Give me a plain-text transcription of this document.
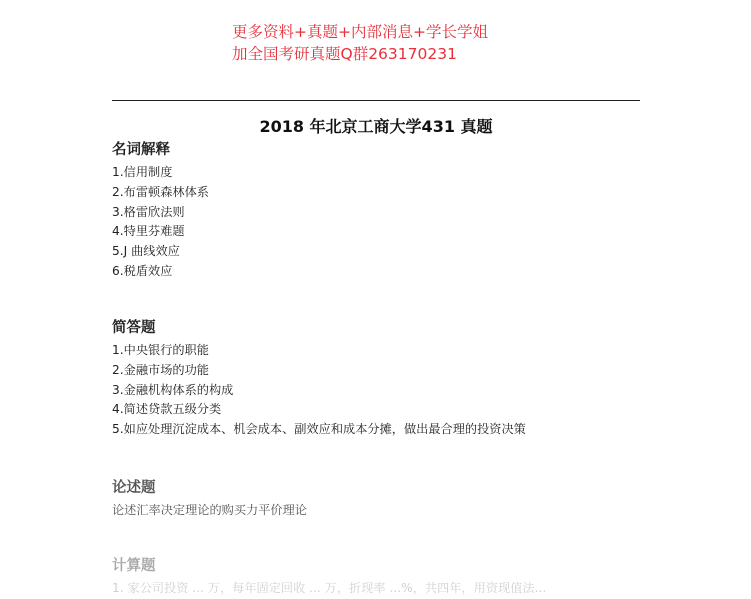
更多资料+真题+内部消息+学长学姐
加全国考研真题Q群263170231
2018 年北京工商大学431 真题
名词解释
1.信用制度
2.布雷顿森林体系
3.格雷欣法则
4.特里芬难题
5.J 曲线效应
6.税盾效应
简答题
1.中央银行的职能
2.金融市场的功能
3.金融机构体系的构成
4.简述贷款五级分类
5.如应处理沉淀成本、机会成本、副效应和成本分摊，做出最合理的投资决策
论述题
论述汇率决定理论的购买力平价理论
计算题
1. 家公司投资 ... 万，每年固定回收 ... 万，折现率 ...%，共四年，用资现值法...
